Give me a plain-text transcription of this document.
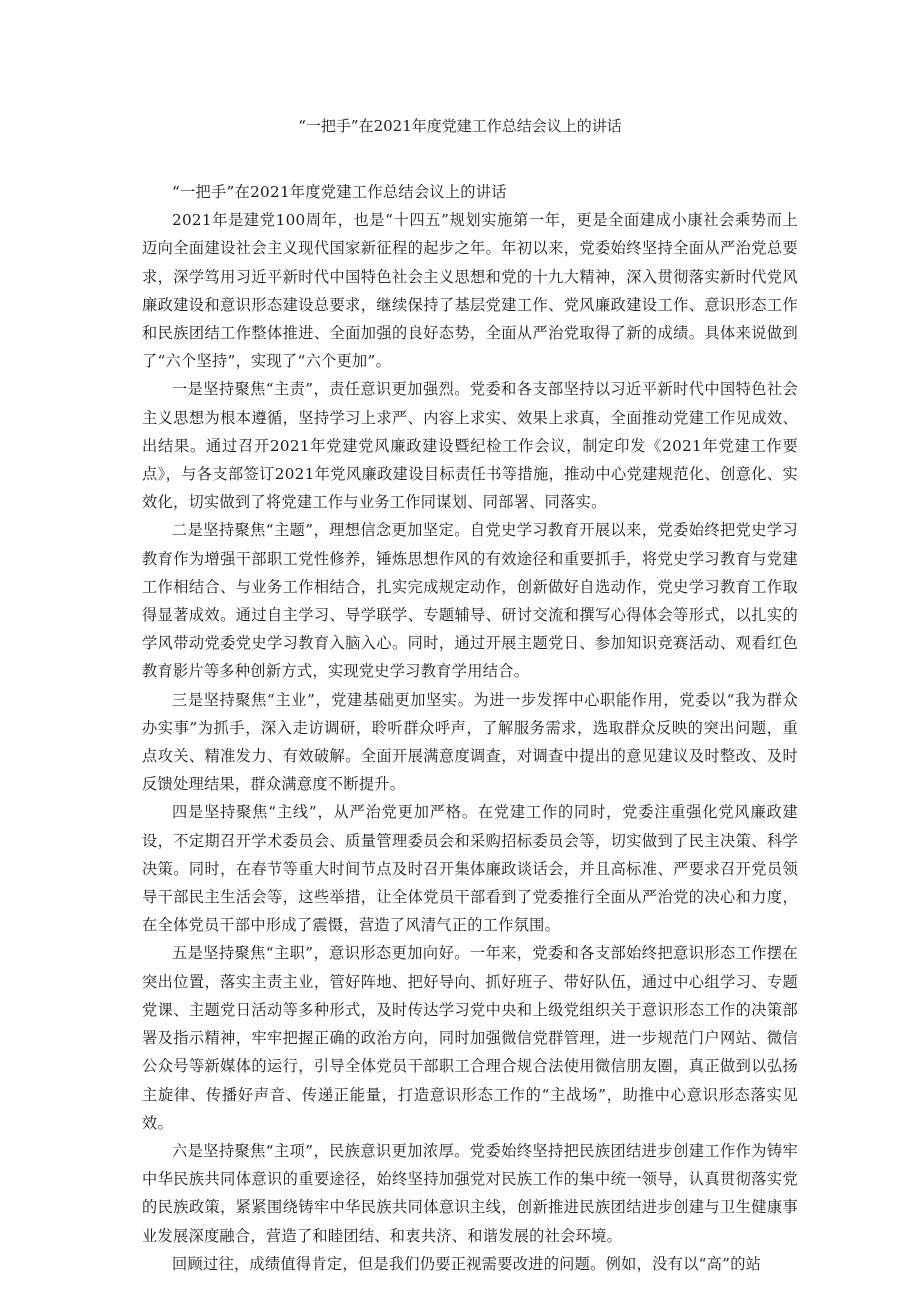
“一把手”在2021年度党建工作总结会议上的讲话

“一把手”在2021年度党建工作总结会议上的讲话

2021年是建党100周年，也是“十四五”规划实施第一年，更是全面建成小康社会乘势而上迈向全面建设社会主义现代国家新征程的起步之年。年初以来，党委始终坚持全面从严治党总要求，深学笃用习近平新时代中国特色社会主义思想和党的十九大精神，深入贯彻落实新时代党风廉政建设和意识形态建设总要求，继续保持了基层党建工作、党风廉政建设工作、意识形态工作和民族团结工作整体推进、全面加强的良好态势，全面从严治党取得了新的成绩。具体来说做到了“六个坚持”，实现了“六个更加”。

一是坚持聚焦“主责”，责任意识更加强烈。党委和各支部坚持以习近平新时代中国特色社会主义思想为根本遵循，坚持学习上求严、内容上求实、效果上求真，全面推动党建工作见成效、出结果。通过召开2021年党建党风廉政建设暨纪检工作会议，制定印发《2021年党建工作要点》，与各支部签订2021年党风廉政建设目标责任书等措施，推动中心党建规范化、创意化、实效化，切实做到了将党建工作与业务工作同谋划、同部署、同落实。

二是坚持聚焦“主题”，理想信念更加坚定。自党史学习教育开展以来，党委始终把党史学习教育作为增强干部职工党性修养，锤炼思想作风的有效途径和重要抓手，将党史学习教育与党建工作相结合、与业务工作相结合，扎实完成规定动作，创新做好自选动作，党史学习教育工作取得显著成效。通过自主学习、导学联学、专题辅导、研讨交流和撰写心得体会等形式，以扎实的学风带动党委党史学习教育入脑入心。同时，通过开展主题党日、参加知识竞赛活动、观看红色教育影片等多种创新方式，实现党史学习教育学用结合。

三是坚持聚焦“主业”，党建基础更加坚实。为进一步发挥中心职能作用，党委以“我为群众办实事”为抓手，深入走访调研，聆听群众呼声，了解服务需求，选取群众反映的突出问题，重点攻关、精准发力、有效破解。全面开展满意度调查，对调查中提出的意见建议及时整改、及时反馈处理结果，群众满意度不断提升。

四是坚持聚焦“主线”，从严治党更加严格。在党建工作的同时，党委注重强化党风廉政建设，不定期召开学术委员会、质量管理委员会和采购招标委员会等，切实做到了民主决策、科学决策。同时，在春节等重大时间节点及时召开集体廉政谈话会，并且高标准、严要求召开党员领导干部民主生活会等，这些举措，让全体党员干部看到了党委推行全面从严治党的决心和力度，在全体党员干部中形成了震慑，营造了风清气正的工作氛围。

五是坚持聚焦“主职”，意识形态更加向好。一年来，党委和各支部始终把意识形态工作摆在突出位置，落实主责主业，管好阵地、把好导向、抓好班子、带好队伍，通过中心组学习、专题党课、主题党日活动等多种形式，及时传达学习党中央和上级党组织关于意识形态工作的决策部署及指示精神，牢牢把握正确的政治方向，同时加强微信党群管理，进一步规范门户网站、微信公众号等新媒体的运行，引导全体党员干部职工合理合规合法使用微信朋友圈，真正做到以弘扬主旋律、传播好声音、传递正能量，打造意识形态工作的“主战场”，助推中心意识形态落实见效。

六是坚持聚焦“主项”，民族意识更加浓厚。党委始终坚持把民族团结进步创建工作作为铸牢中华民族共同体意识的重要途径，始终坚持加强党对民族工作的集中统一领导，认真贯彻落实党的民族政策，紧紧围绕铸牢中华民族共同体意识主线，创新推进民族团结进步创建与卫生健康事业发展深度融合，营造了和睦团结、和衷共济、和谐发展的社会环境。

回顾过往，成绩值得肯定，但是我们仍要正视需要改进的问题。例如，没有以“高”的站
